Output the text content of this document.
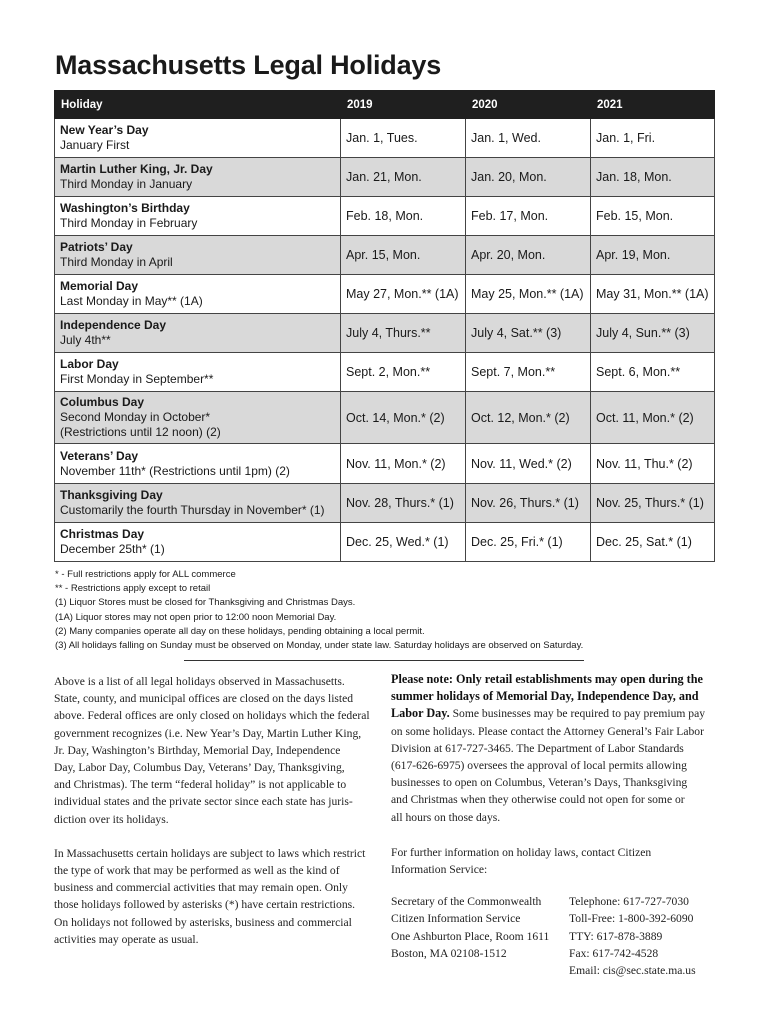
Massachusetts Legal Holidays
Holiday	2019	2020	2021

New Year’s Day
January First	Jan. 1, Tues.	Jan. 1, Wed.	Jan. 1, Fri.

Martin Luther King, Jr. Day
Third Monday in January	Jan. 21, Mon.	Jan. 20, Mon.	Jan. 18, Mon.

Washington’s Birthday
Third Monday in February	Feb. 18, Mon.	Feb. 17, Mon.	Feb. 15, Mon.

Patriots’ Day
Third Monday in April	Apr. 15, Mon.	Apr. 20, Mon.	Apr. 19, Mon.

Memorial Day
Last Monday in May** (1A)	May 27, Mon.** (1A)	May 25, Mon.** (1A)	May 31, Mon.** (1A)

Independence Day
July 4th**	July 4, Thurs.**	July 4, Sat.** (3)	July 4, Sun.** (3)

Labor Day
First Monday in September**	Sept. 2, Mon.**	Sept. 7, Mon.**	Sept. 6, Mon.**

Columbus Day
Second Monday in October*
(Restrictions until 12 noon) (2)	Oct. 14, Mon.* (2)	Oct. 12, Mon.* (2)	Oct. 11, Mon.* (2)

Veterans’ Day
November 11th* (Restrictions until 1pm) (2)	Nov. 11, Mon.* (2)	Nov. 11, Wed.* (2)	Nov. 11, Thu.* (2)

Thanksgiving Day
Customarily the fourth Thursday in November* (1)	Nov. 28, Thurs.* (1)	Nov. 26, Thurs.* (1)	Nov. 25, Thurs.* (1)

Christmas Day
December 25th* (1)	Dec. 25, Wed.* (1)	Dec. 25, Fri.* (1)	Dec. 25, Sat.* (1)
* - Full restrictions apply for ALL commerce
** - Restrictions apply except to retail
(1) Liquor Stores must be closed for Thanksgiving and Christmas Days.
(1A) Liquor stores may not open prior to 12:00 noon Memorial Day.
(2) Many companies operate all day on these holidays, pending obtaining a local permit.
(3) All holidays falling on Sunday must be observed on Monday, under state law. Saturday holidays are observed on Saturday.

Above is a list of all legal holidays observed in Massachusetts.
State, county, and municipal offices are closed on the days listed
above. Federal offices are only closed on holidays which the federal
government recognizes (i.e. New Year’s Day, Martin Luther King,
Jr. Day, Washington’s Birthday, Memorial Day, Independence
Day, Labor Day, Columbus Day, Veterans’ Day, Thanksgiving,
and Christmas). The term “federal holiday” is not applicable to
individual states and the private sector since each state has juris-
diction over its holidays.

In Massachusetts certain holidays are subject to laws which restrict
the type of work that may be performed as well as the kind of
business and commercial activities that may remain open. Only
those holidays followed by asterisks (*) have certain restrictions.
On holidays not followed by asterisks, business and commercial
activities may operate as usual.

Please note: Only retail establishments may open during the
summer holidays of Memorial Day, Independence Day, and
Labor Day. Some businesses may be required to pay premium pay
on some holidays. Please contact the Attorney General’s Fair Labor
Division at 617-727-3465. The Department of Labor Standards
(617-626-6975) oversees the approval of local permits allowing
businesses to open on Columbus, Veteran’s Days, Thanksgiving
and Christmas when they otherwise could not open for some or
all hours on those days.

For further information on holiday laws, contact Citizen
Information Service:

Secretary of the Commonwealth
Citizen Information Service
One Ashburton Place, Room 1611
Boston, MA 02108-1512
Telephone: 617-727-7030
Toll-Free: 1-800-392-6090
TTY: 617-878-3889
Fax: 617-742-4528
Email: cis@sec.state.ma.us
